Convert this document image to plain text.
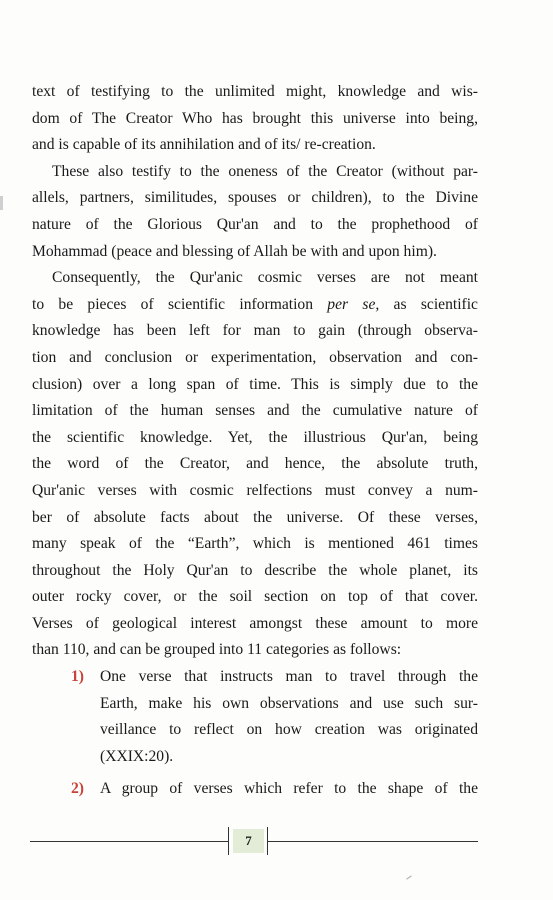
text of testifying to the unlimited might, knowledge and wis-
dom of The Creator Who has brought this universe into being,
and is capable of its annihilation and of its/ re-creation.

These also testify to the oneness of the Creator (without par-
allels, partners, similitudes, spouses or children), to the Divine
nature of the Glorious Qur'an and to the prophethood of
Mohammad (peace and blessing of Allah be with and upon him).

Consequently, the Qur'anic cosmic verses are not meant
to be pieces of scientific information per se, as scientific
knowledge has been left for man to gain (through observa-
tion and conclusion or experimentation, observation and con-
clusion) over a long span of time. This is simply due to the
limitation of the human senses and the cumulative nature of
the scientific knowledge. Yet, the illustrious Qur'an, being
the word of the Creator, and hence, the absolute truth,
Qur'anic verses with cosmic relfections must convey a num-
ber of absolute facts about the universe. Of these verses,
many speak of the “Earth”, which is mentioned 461 times
throughout the Holy Qur'an to describe the whole planet, its
outer rocky cover, or the soil section on top of that cover.
Verses of geological interest amongst these amount to more
than 110, and can be grouped into 11 categories as follows:

1) One verse that instructs man to travel through the
Earth, make his own observations and use such sur-
veillance to reflect on how creation was originated
(XXIX:20).
2) A group of verses which refer to the shape of the
7
